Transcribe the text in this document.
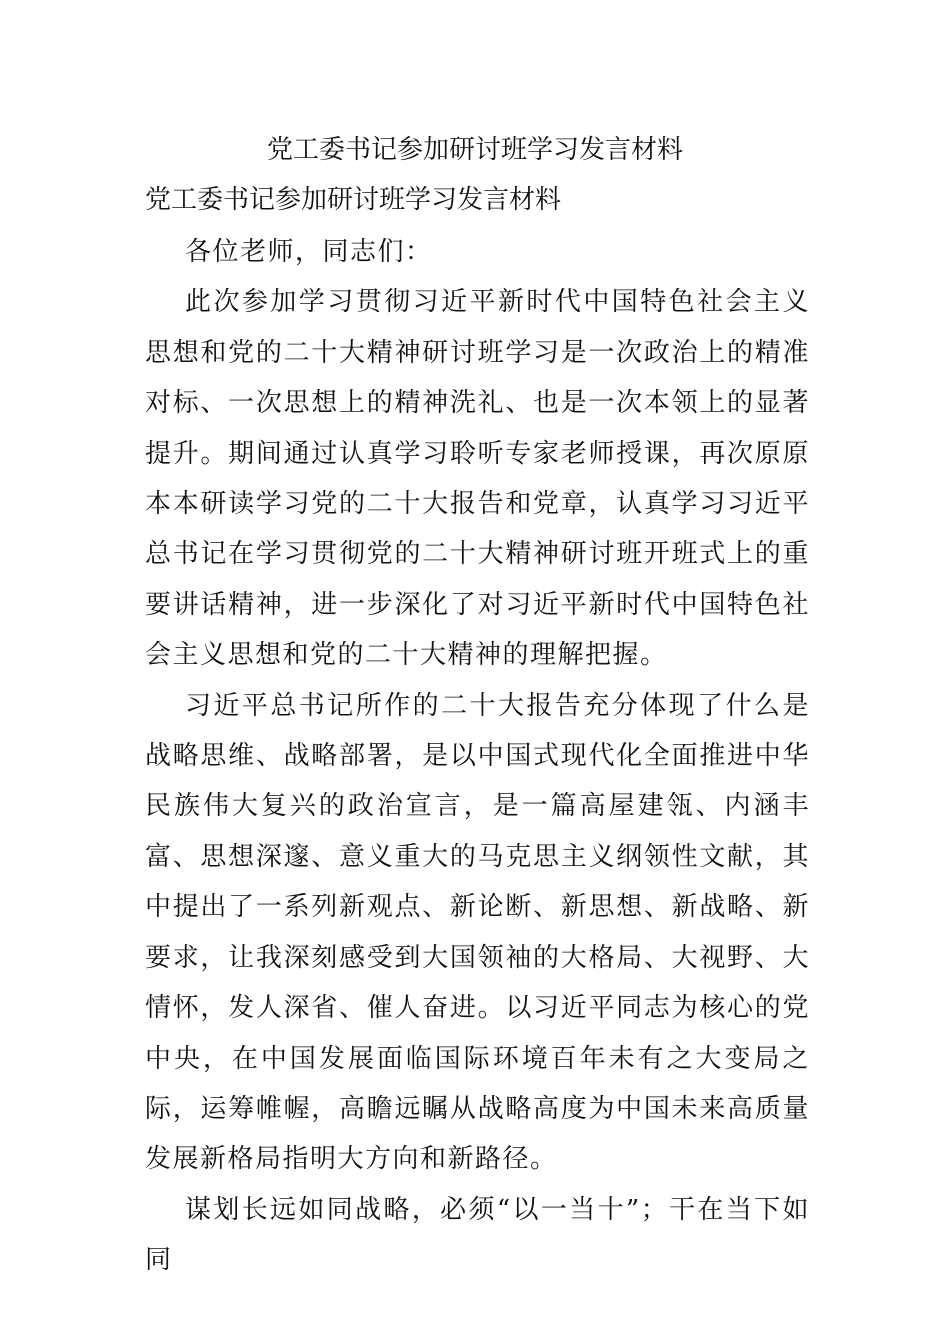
党工委书记参加研讨班学习发言材料
党工委书记参加研讨班学习发言材料

各位老师，同志们：

此次参加学习贯彻习近平新时代中国特色社会主义思想和党的二十大精神研讨班学习是一次政治上的精准对标、一次思想上的精神洗礼、也是一次本领上的显著提升。期间通过认真学习聆听专家老师授课，再次原原本本研读学习党的二十大报告和党章，认真学习习近平总书记在学习贯彻党的二十大精神研讨班开班式上的重要讲话精神，进一步深化了对习近平新时代中国特色社会主义思想和党的二十大精神的理解把握。

习近平总书记所作的二十大报告充分体现了什么是战略思维、战略部署，是以中国式现代化全面推进中华民族伟大复兴的政治宣言，是一篇高屋建瓴、内涵丰富、思想深邃、意义重大的马克思主义纲领性文献，其中提出了一系列新观点、新论断、新思想、新战略、新要求，让我深刻感受到大国领袖的大格局、大视野、大情怀，发人深省、催人奋进。以习近平同志为核心的党中央，在中国发展面临国际环境百年未有之大变局之际，运筹帷幄，高瞻远瞩从战略高度为中国未来高质量发展新格局指明大方向和新路径。

谋划长远如同战略，必须“以一当十”；干在当下如同
